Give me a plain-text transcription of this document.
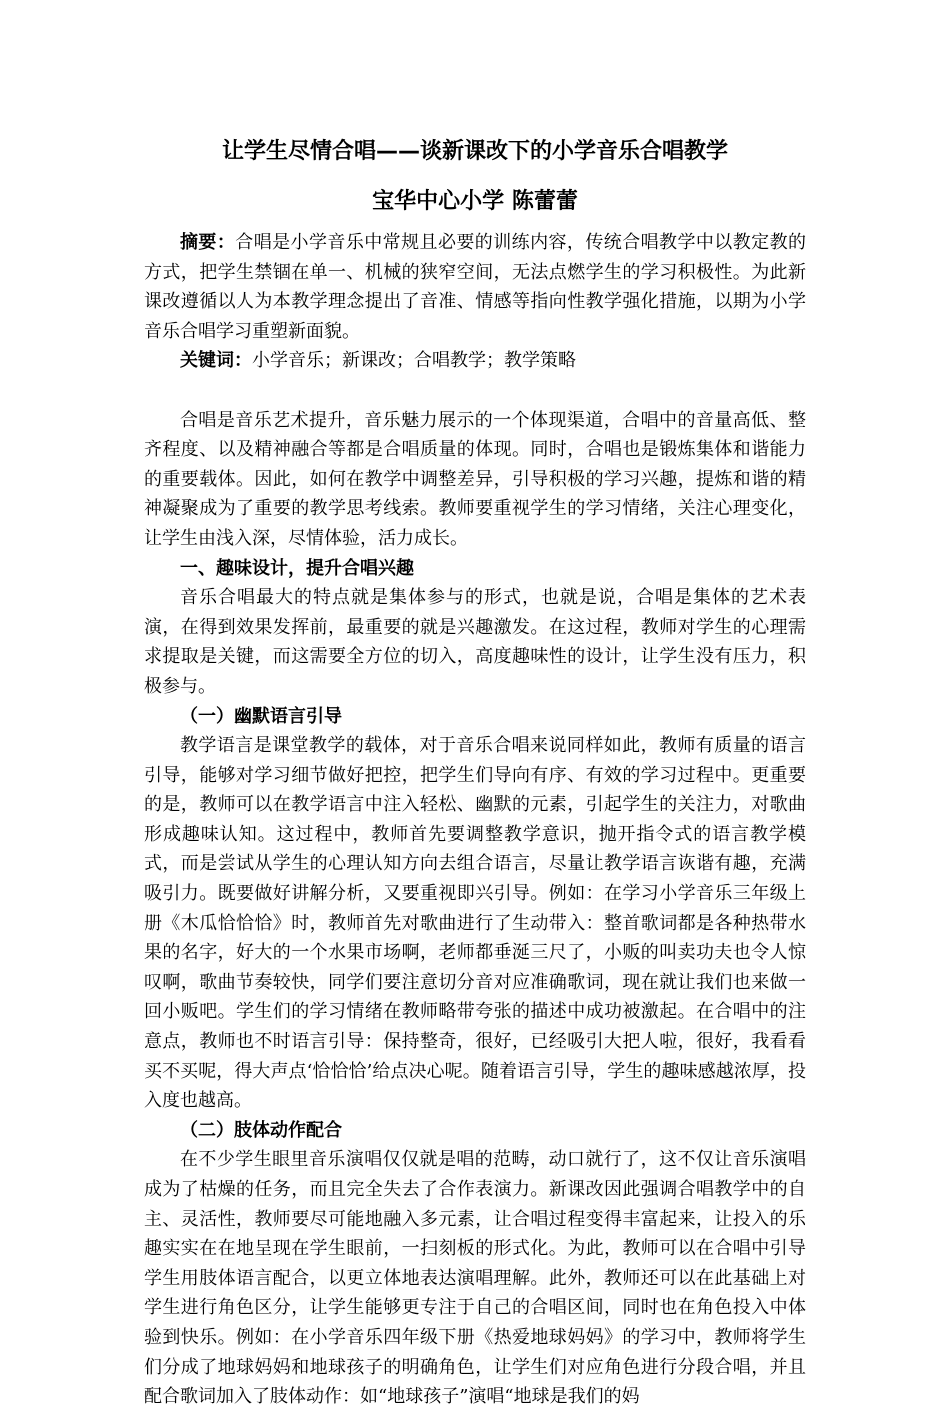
让学生尽情合唱——谈新课改下的小学音乐合唱教学
宝华中心小学 陈蕾蕾

摘要：合唱是小学音乐中常规且必要的训练内容，传统合唱教学中以教定教的方式，把学生禁锢在单一、机械的狭窄空间，无法点燃学生的学习积极性。为此新课改遵循以人为本教学理念提出了音准、情感等指向性教学强化措施，以期为小学音乐合唱学习重塑新面貌。

关键词：小学音乐；新课改；合唱教学；教学策略

合唱是音乐艺术提升，音乐魅力展示的一个体现渠道，合唱中的音量高低、整齐程度、以及精神融合等都是合唱质量的体现。同时，合唱也是锻炼集体和谐能力的重要载体。因此，如何在教学中调整差异，引导积极的学习兴趣，提炼和谐的精神凝聚成为了重要的教学思考线索。教师要重视学生的学习情绪，关注心理变化，让学生由浅入深，尽情体验，活力成长。

一、趣味设计，提升合唱兴趣

音乐合唱最大的特点就是集体参与的形式，也就是说，合唱是集体的艺术表演，在得到效果发挥前，最重要的就是兴趣激发。在这过程，教师对学生的心理需求提取是关键，而这需要全方位的切入，高度趣味性的设计，让学生没有压力，积极参与。

（一）幽默语言引导

教学语言是课堂教学的载体，对于音乐合唱来说同样如此，教师有质量的语言引导，能够对学习细节做好把控，把学生们导向有序、有效的学习过程中。更重要的是，教师可以在教学语言中注入轻松、幽默的元素，引起学生的关注力，对歌曲形成趣味认知。这过程中，教师首先要调整教学意识，抛开指令式的语言教学模式，而是尝试从学生的心理认知方向去组合语言，尽量让教学语言诙谐有趣，充满吸引力。既要做好讲解分析，又要重视即兴引导。例如：在学习小学音乐三年级上册《木瓜恰恰恰》时，教师首先对歌曲进行了生动带入：整首歌词都是各种热带水果的名字，好大的一个水果市场啊，老师都垂涎三尺了，小贩的叫卖功夫也令人惊叹啊，歌曲节奏较快，同学们要注意切分音对应准确歌词，现在就让我们也来做一回小贩吧。学生们的学习情绪在教师略带夸张的描述中成功被激起。在合唱中的注意点，教师也不时语言引导：保持整奇，很好，已经吸引大把人啦，很好，我看看买不买呢，得大声点‘恰恰恰’给点决心呢。随着语言引导，学生的趣味感越浓厚，投入度也越高。

（二）肢体动作配合

在不少学生眼里音乐演唱仅仅就是唱的范畴，动口就行了，这不仅让音乐演唱成为了枯燥的任务，而且完全失去了合作表演力。新课改因此强调合唱教学中的自主、灵活性，教师要尽可能地融入多元素，让合唱过程变得丰富起来，让投入的乐趣实实在在地呈现在学生眼前，一扫刻板的形式化。为此，教师可以在合唱中引导学生用肢体语言配合，以更立体地表达演唱理解。此外，教师还可以在此基础上对学生进行角色区分，让学生能够更专注于自己的合唱区间，同时也在角色投入中体验到快乐。例如：在小学音乐四年级下册《热爱地球妈妈》的学习中，教师将学生们分成了地球妈妈和地球孩子的明确角色，让学生们对应角色进行分段合唱，并且配合歌词加入了肢体动作：如“地球孩子”演唱“地球是我们的妈
